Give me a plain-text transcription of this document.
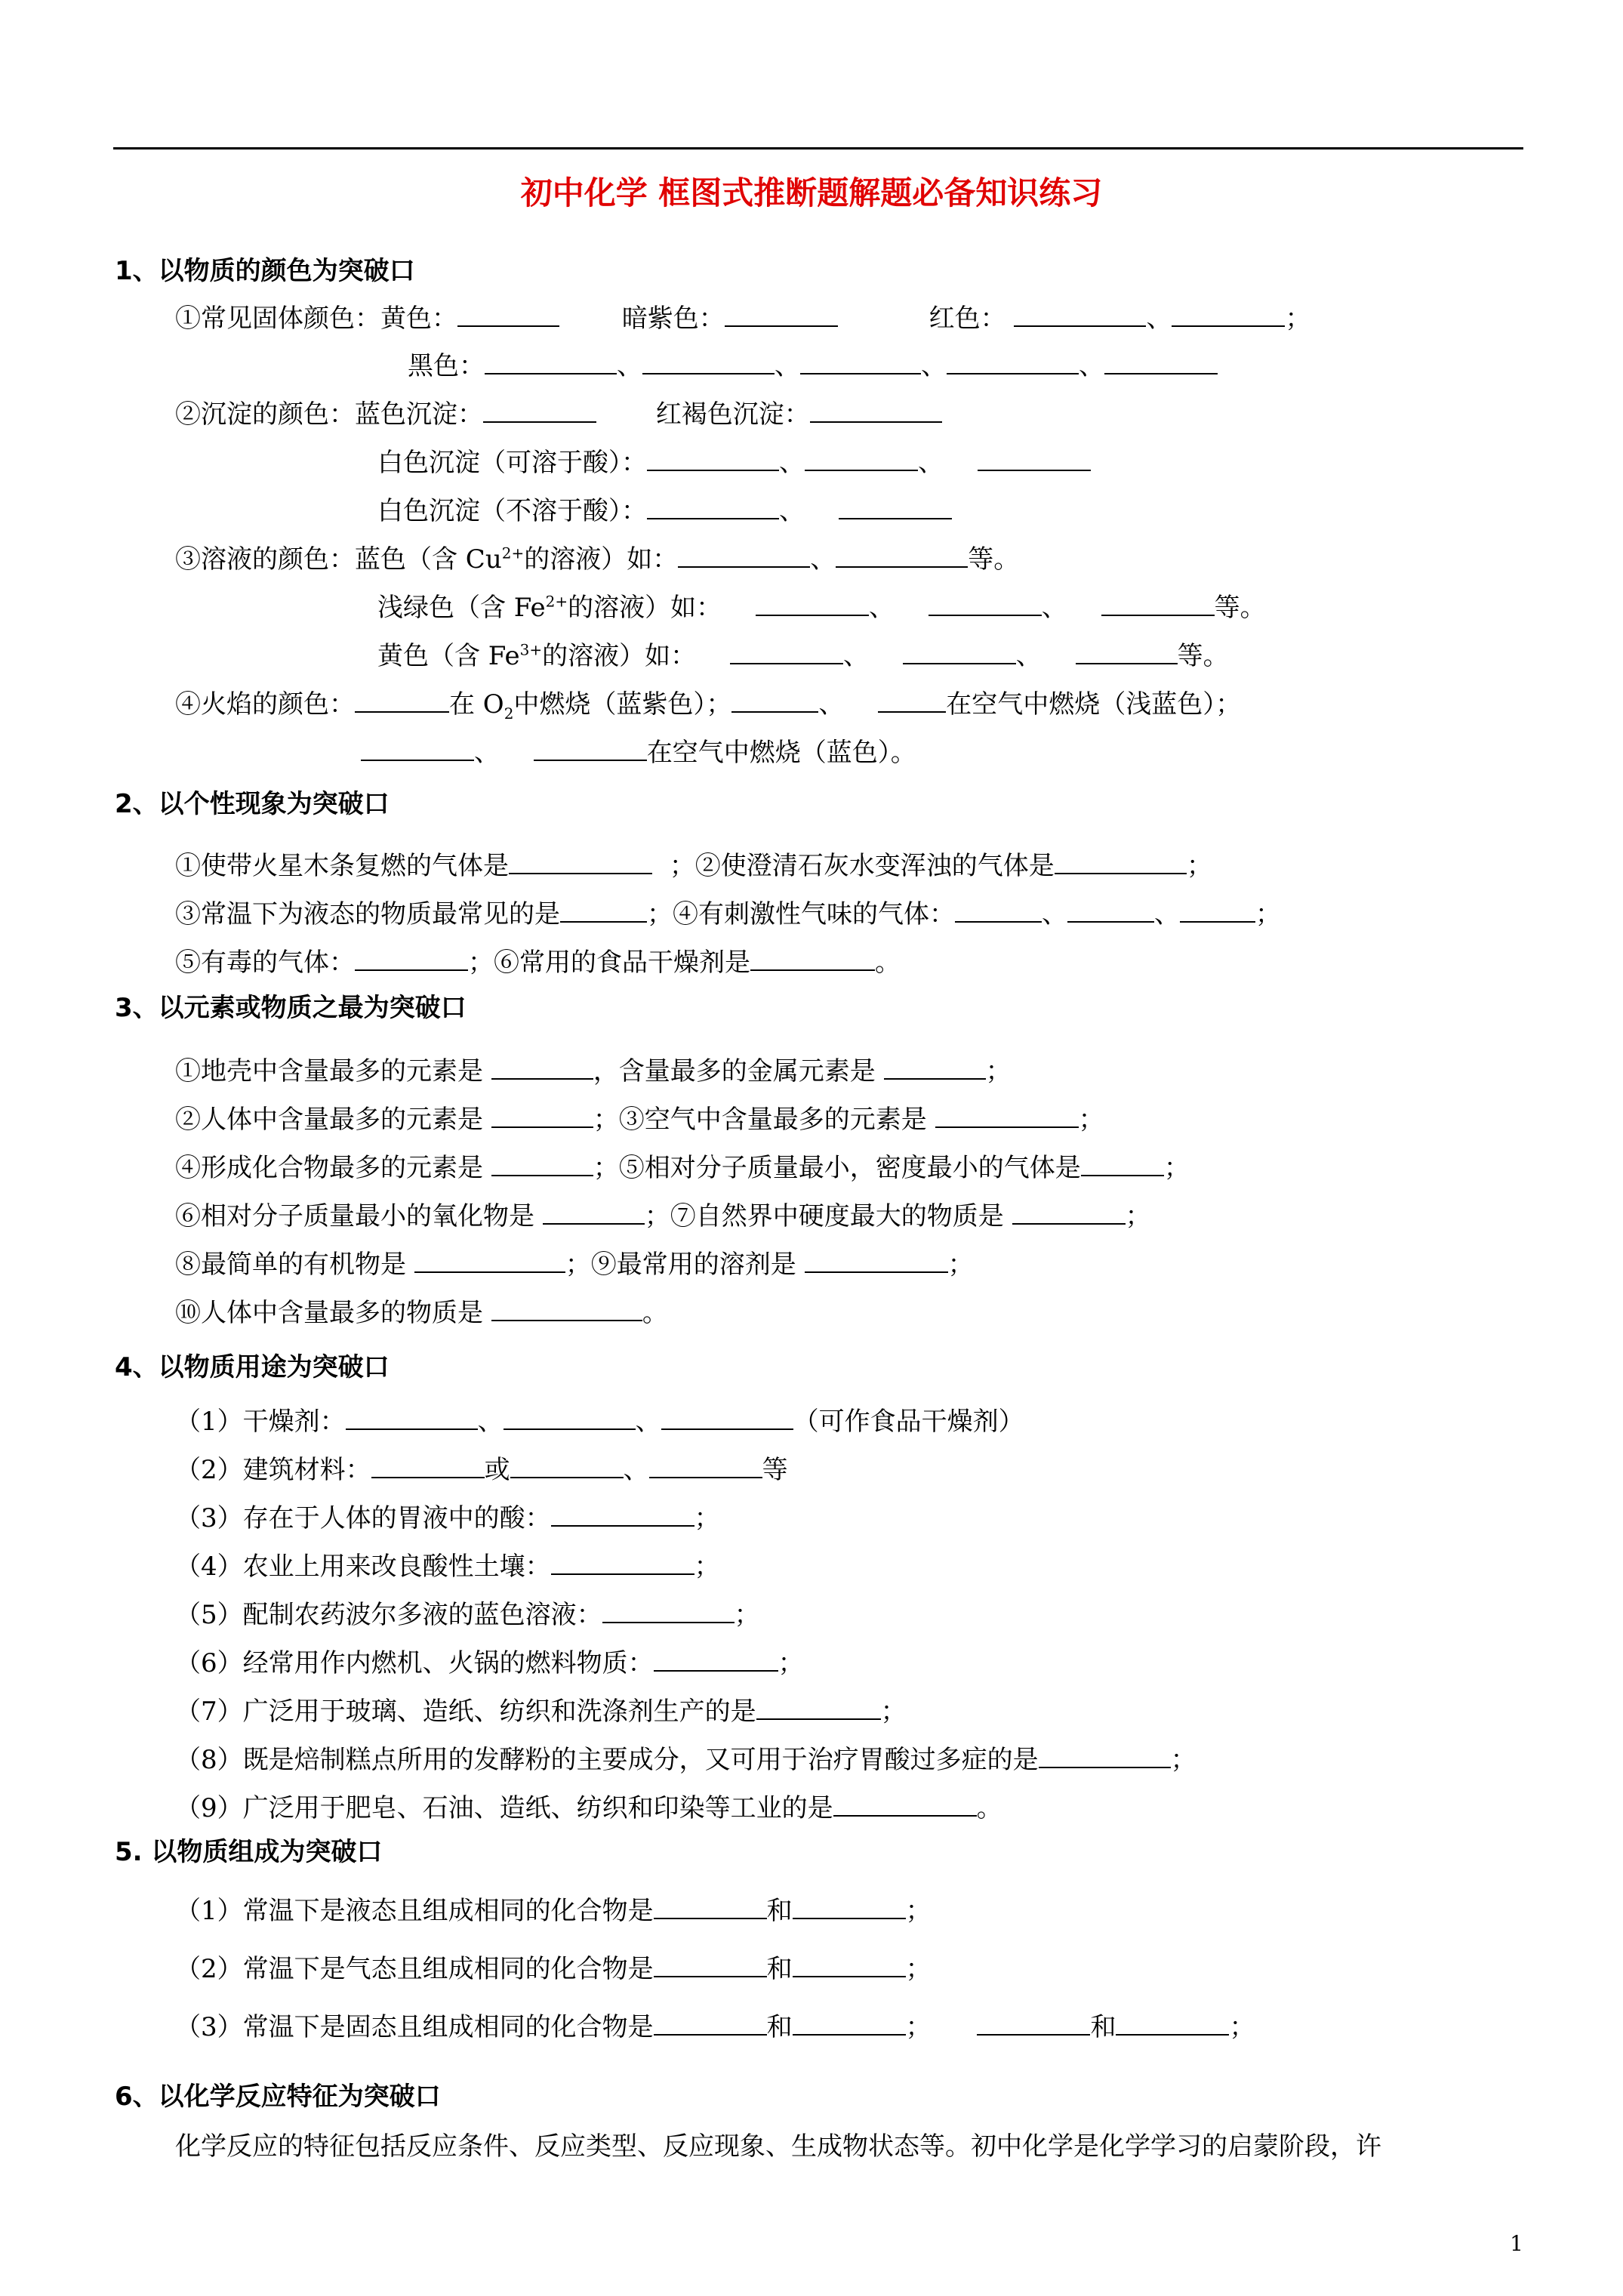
初中化学 框图式推断题解题必备知识练习
1、以物质的颜色为突破口
①常见固体颜色：黄色：	暗紫色：	红色：	、	；
黑色：	、	、	、	、
②沉淀的颜色：蓝色沉淀：	红褐色沉淀：
白色沉淀（可溶于酸）：	、	、
白色沉淀（不溶于酸）：	、
③溶液的颜色：蓝色（含 $Cu^{2+}$的溶液）如：	、	等。
浅绿色（含 $Fe^{2+}$的溶液）如：	、	、	等。
黄色（含 $Fe^{3+}$的溶液）如：	、	、	等。
④火焰的颜色：	在 $O_2$中燃烧（蓝紫色）；	、	在空气中燃烧（浅蓝色）；
、	在空气中燃烧（蓝色）。
2、以个性现象为突破口
①使带火星木条复燃的气体是	；②使澄清石灰水变浑浊的气体是	；
③常温下为液态的物质最常见的是	；④有刺激性气味的气体：	、	、	；
⑤有毒的气体：	；⑥常用的食品干燥剂是	。
3、以元素或物质之最为突破口
①地壳中含量最多的元素是	，含量最多的金属元素是	；
②人体中含量最多的元素是	；③空气中含量最多的元素是	；
④形成化合物最多的元素是	；⑤相对分子质量最小，密度最小的气体是	；
⑥相对分子质量最小的氧化物是	；⑦自然界中硬度最大的物质是	；
⑧最简单的有机物是	；⑨最常用的溶剂是	；
⑩人体中含量最多的物质是	。
4、以物质用途为突破口
（1）干燥剂：	、	、	（可作食品干燥剂）
（2）建筑材料：	或	、	等
（3）存在于人体的胃液中的酸：	；
（4）农业上用来改良酸性土壤：	；
（5）配制农药波尔多液的蓝色溶液：	；
（6）经常用作内燃机、火锅的燃料物质：	；
（7）广泛用于玻璃、造纸、纺织和洗涤剂生产的是	；
（8）既是焙制糕点所用的发酵粉的主要成分，又可用于治疗胃酸过多症的是	；
（9）广泛用于肥皂、石油、造纸、纺织和印染等工业的是	。
5. 以物质组成为突破口
（1）常温下是液态且组成相同的化合物是	和	；
（2）常温下是气态且组成相同的化合物是	和	；
（3）常温下是固态且组成相同的化合物是	和	；	和	；
6、以化学反应特征为突破口
化学反应的特征包括反应条件、反应类型、反应现象、生成物状态等。初中化学是化学学习的启蒙阶段，许
1
